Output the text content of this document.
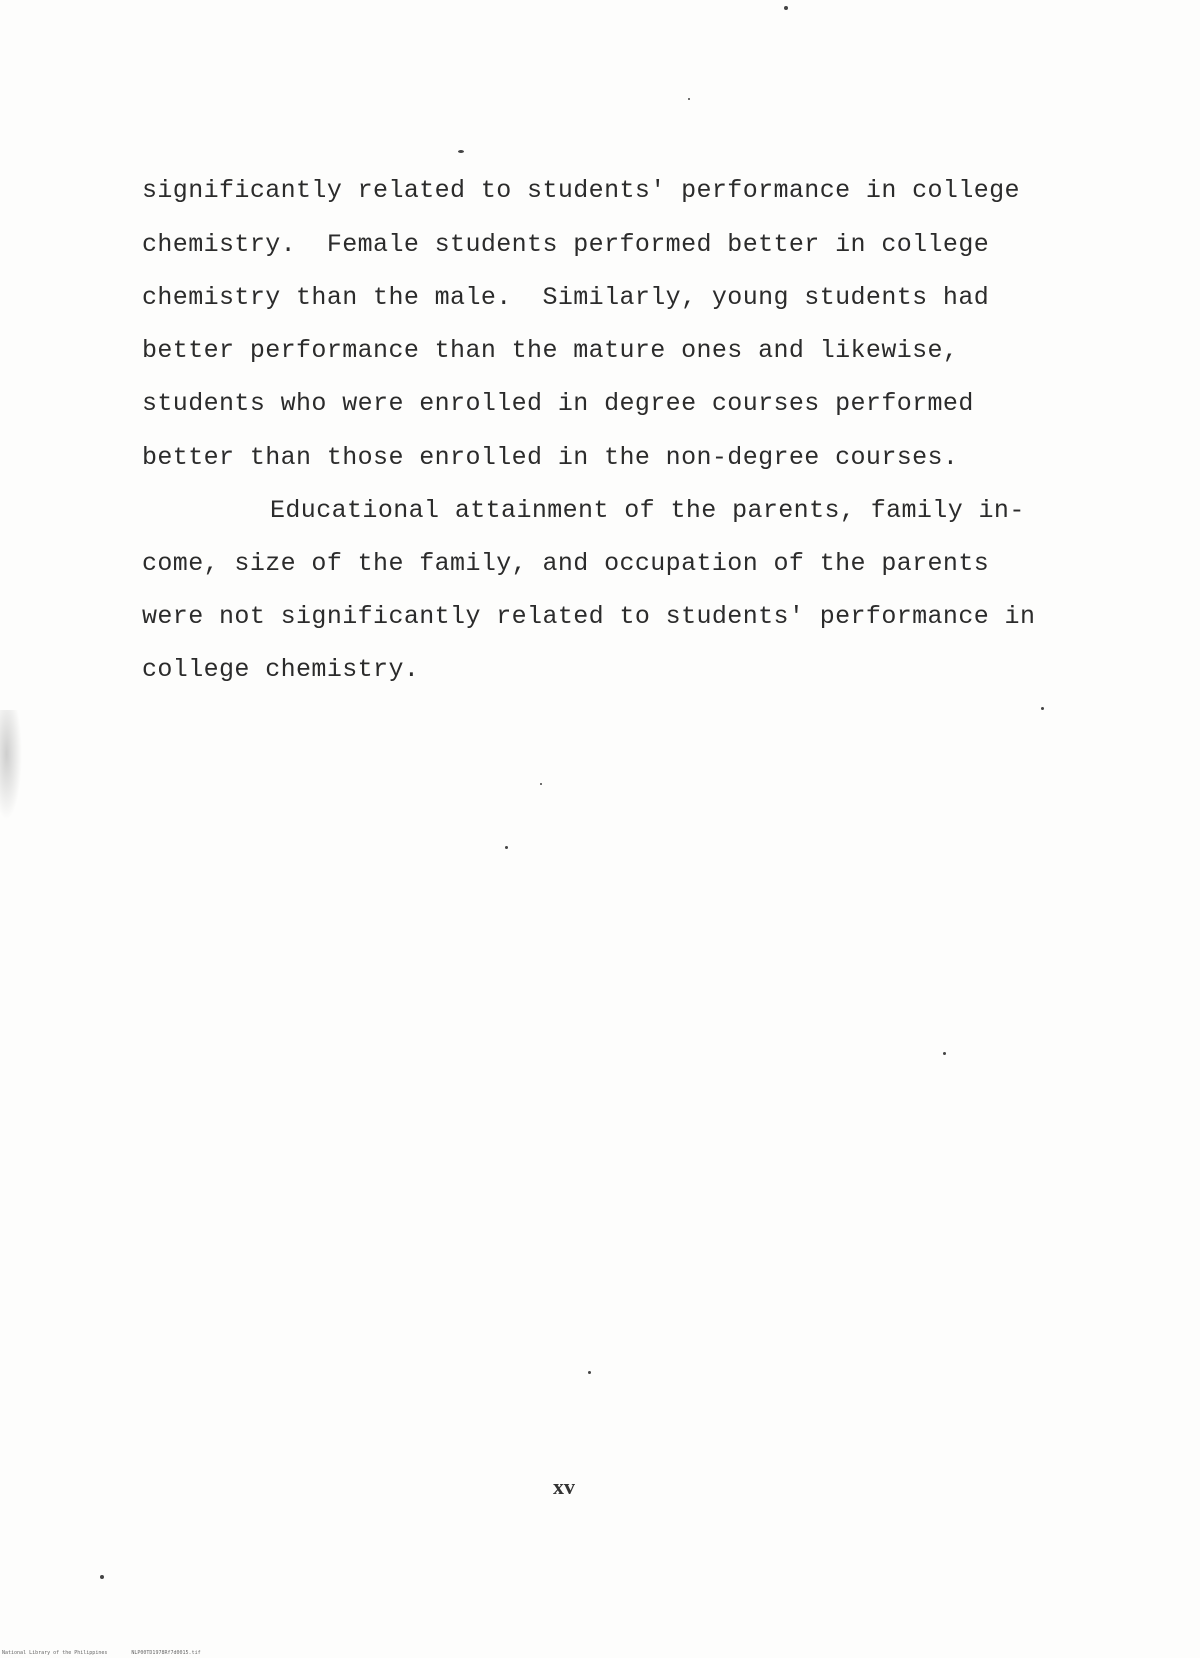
significantly related to students' performance in college
chemistry.  Female students performed better in college
chemistry than the male.  Similarly, young students had
better performance than the mature ones and likewise,
students who were enrolled in degree courses performed
better than those enrolled in the non-degree courses.
Educational attainment of the parents, family in-
come, size of the family, and occupation of the parents
were not significantly related to students' performance in
college chemistry.
xv
National Library of the Philippines	NLP00TD1978Rf7d0015.tif
